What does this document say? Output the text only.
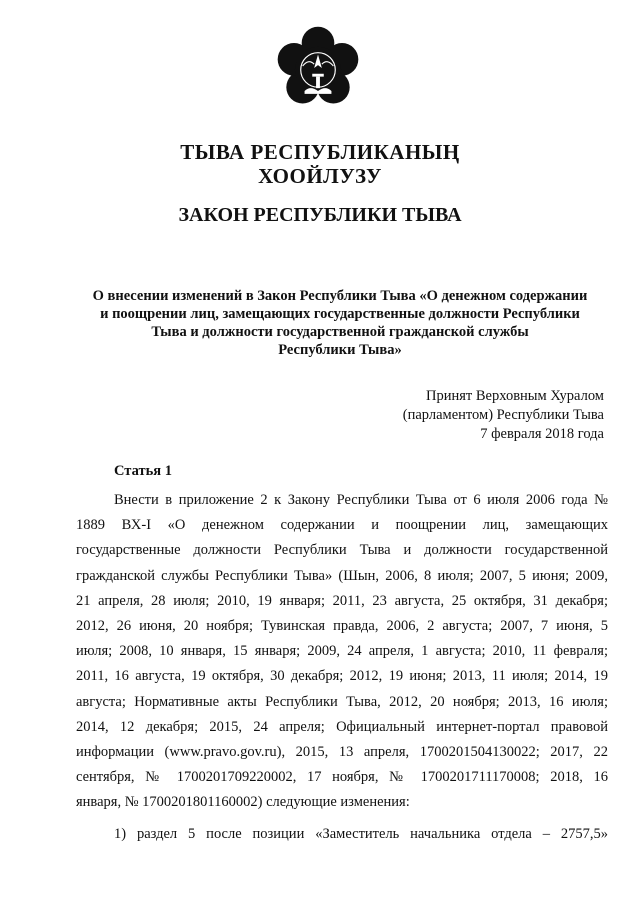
ТЫВА РЕСПУБЛИКАНЫҢ
ХООЙЛУЗУ
ЗАКОН РЕСПУБЛИКИ ТЫВА
О внесении изменений в Закон Республики Тыва «О денежном содержании
и поощрении лиц, замещающих государственные должности Республики
Тыва и должности государственной гражданской службы
Республики Тыва»
Принят Верховным Хуралом
(парламентом) Республики Тыва
7 февраля 2018 года
Статья 1
Внести в приложение 2 к Закону Республики Тыва от 6 июля 2006 года №
1889 ВХ-I «О денежном содержании и поощрении лиц, замещающих
государственные должности Республики Тыва и должности государственной
гражданской службы Республики Тыва» (Шын, 2006, 8 июля; 2007, 5 июня; 2009,
21 апреля, 28 июля; 2010, 19 января; 2011, 23 августа, 25 октября, 31 декабря;
2012, 26 июня, 20 ноября; Тувинская правда, 2006, 2 августа; 2007, 7 июня, 5
июля; 2008, 10 января, 15 января; 2009, 24 апреля, 1 августа; 2010, 11 февраля;
2011, 16 августа, 19 октября, 30 декабря; 2012, 19 июня; 2013, 11 июля; 2014, 19
августа; Нормативные акты Республики Тыва, 2012, 20 ноября; 2013, 16 июля;
2014, 12 декабря; 2015, 24 апреля; Официальный интернет-портал правовой
информации (www.pravo.gov.ru), 2015, 13 апреля, 1700201504130022; 2017, 22
сентября, № 1700201709220002, 17 ноября, № 1700201711170008; 2018, 16
января, № 1700201801160002) следующие изменения:
1) раздел 5 после позиции «Заместитель начальника отдела – 2757,5»
